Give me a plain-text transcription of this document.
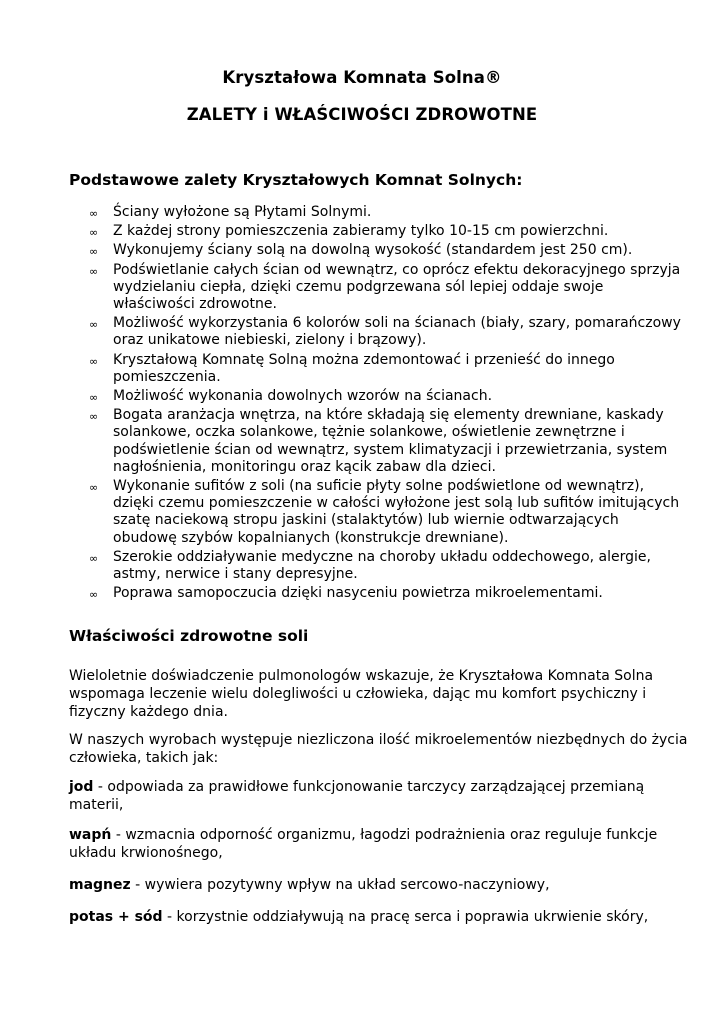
Kryształowa Komnata Solna®
ZALETY i WŁAŚCIWOŚCI ZDROWOTNE
Podstawowe zalety Kryształowych Komnat Solnych:
∞ Ściany wyłożone są Płytami Solnymi.
∞ Z każdej strony pomieszczenia zabieramy tylko 10-15 cm powierzchni.
∞ Wykonujemy ściany solą na dowolną wysokość (standardem jest 250 cm).
∞ Podświetlanie całych ścian od wewnątrz, co oprócz efektu dekoracyjnego sprzyja wydzielaniu ciepła, dzięki czemu podgrzewana sól lepiej oddaje swoje właściwości zdrowotne.
∞ Możliwość wykorzystania 6 kolorów soli na ścianach (biały, szary, pomarańczowy oraz unikatowe niebieski, zielony i brązowy).
∞ Kryształową Komnatę Solną można zdemontować i przenieść do innego pomieszczenia.
∞ Możliwość wykonania dowolnych wzorów na ścianach.
∞ Bogata aranżacja wnętrza, na które składają się elementy drewniane, kaskady solankowe, oczka solankowe, tężnie solankowe, oświetlenie zewnętrzne i podświetlenie ścian od wewnątrz, system klimatyzacji i przewietrzania, system nagłośnienia, monitoringu oraz kącik zabaw dla dzieci.
∞ Wykonanie sufitów z soli (na suficie płyty solne podświetlone od wewnątrz), dzięki czemu pomieszczenie w całości wyłożone jest solą lub sufitów imitujących szatę naciekową stropu jaskini (stalaktytów) lub wiernie odtwarzających obudowę szybów kopalnianych (konstrukcje drewniane).
∞ Szerokie oddziaływanie medyczne na choroby układu oddechowego, alergie, astmy, nerwice i stany depresyjne.
∞ Poprawa samopoczucia dzięki nasyceniu powietrza mikroelementami.
Właściwości zdrowotne soli

Wieloletnie doświadczenie pulmonologów wskazuje, że Kryształowa Komnata Solna wspomaga leczenie wielu dolegliwości u człowieka, dając mu komfort psychiczny i fizyczny każdego dnia.

W naszych wyrobach występuje niezliczona ilość mikroelementów niezbędnych do życia człowieka, takich jak:

jod - odpowiada za prawidłowe funkcjonowanie tarczycy zarządzającej przemianą materii,

wapń - wzmacnia odporność organizmu, łagodzi podrażnienia oraz reguluje funkcje układu krwionośnego,

magnez - wywiera pozytywny wpływ na układ sercowo-naczyniowy,

potas + sód - korzystnie oddziaływują na pracę serca i poprawia ukrwienie skóry,
